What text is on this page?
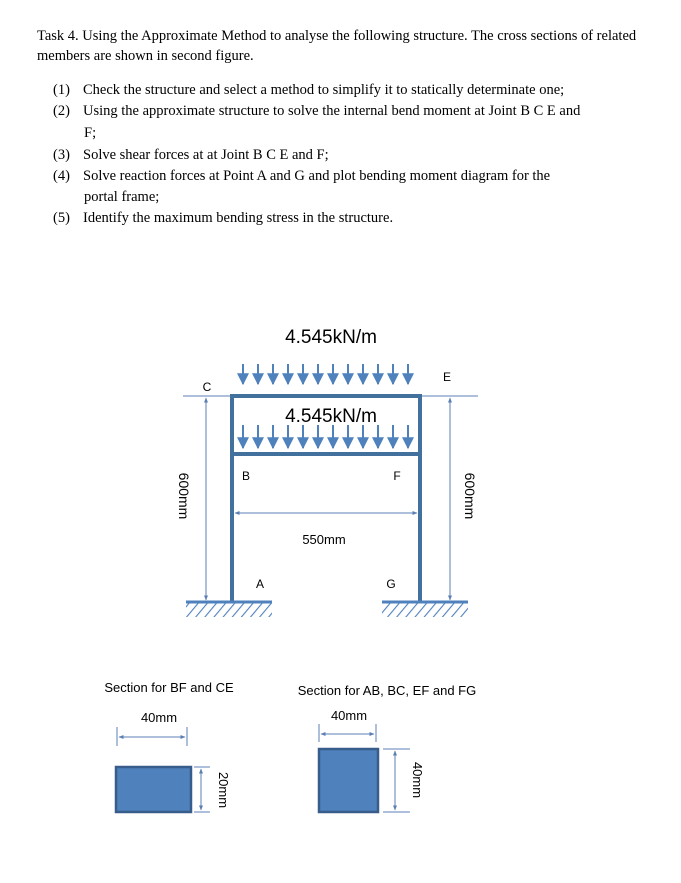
Task 4. Using the Approximate Method to analyse the following structure. The cross sections of related members are shown in second figure.

(1) Check the structure and select a method to simplify it to statically determinate one;

(2) Using the approximate structure to solve the internal bend moment at Joint B C E and

F;

(3) Solve shear forces at at Joint B C E and F;

(4) Solve reaction forces at Point A and G and plot bending moment diagram for the

portal frame;

(5) Identify the maximum bending stress in the structure.

4.545kN/m
4.545kN/m
C
E
B	F
A	G
600mm	600mm
550mm
Section for BF and CE	Section for AB, BC, EF and FG
40mm
20mm
40mm
40mm
